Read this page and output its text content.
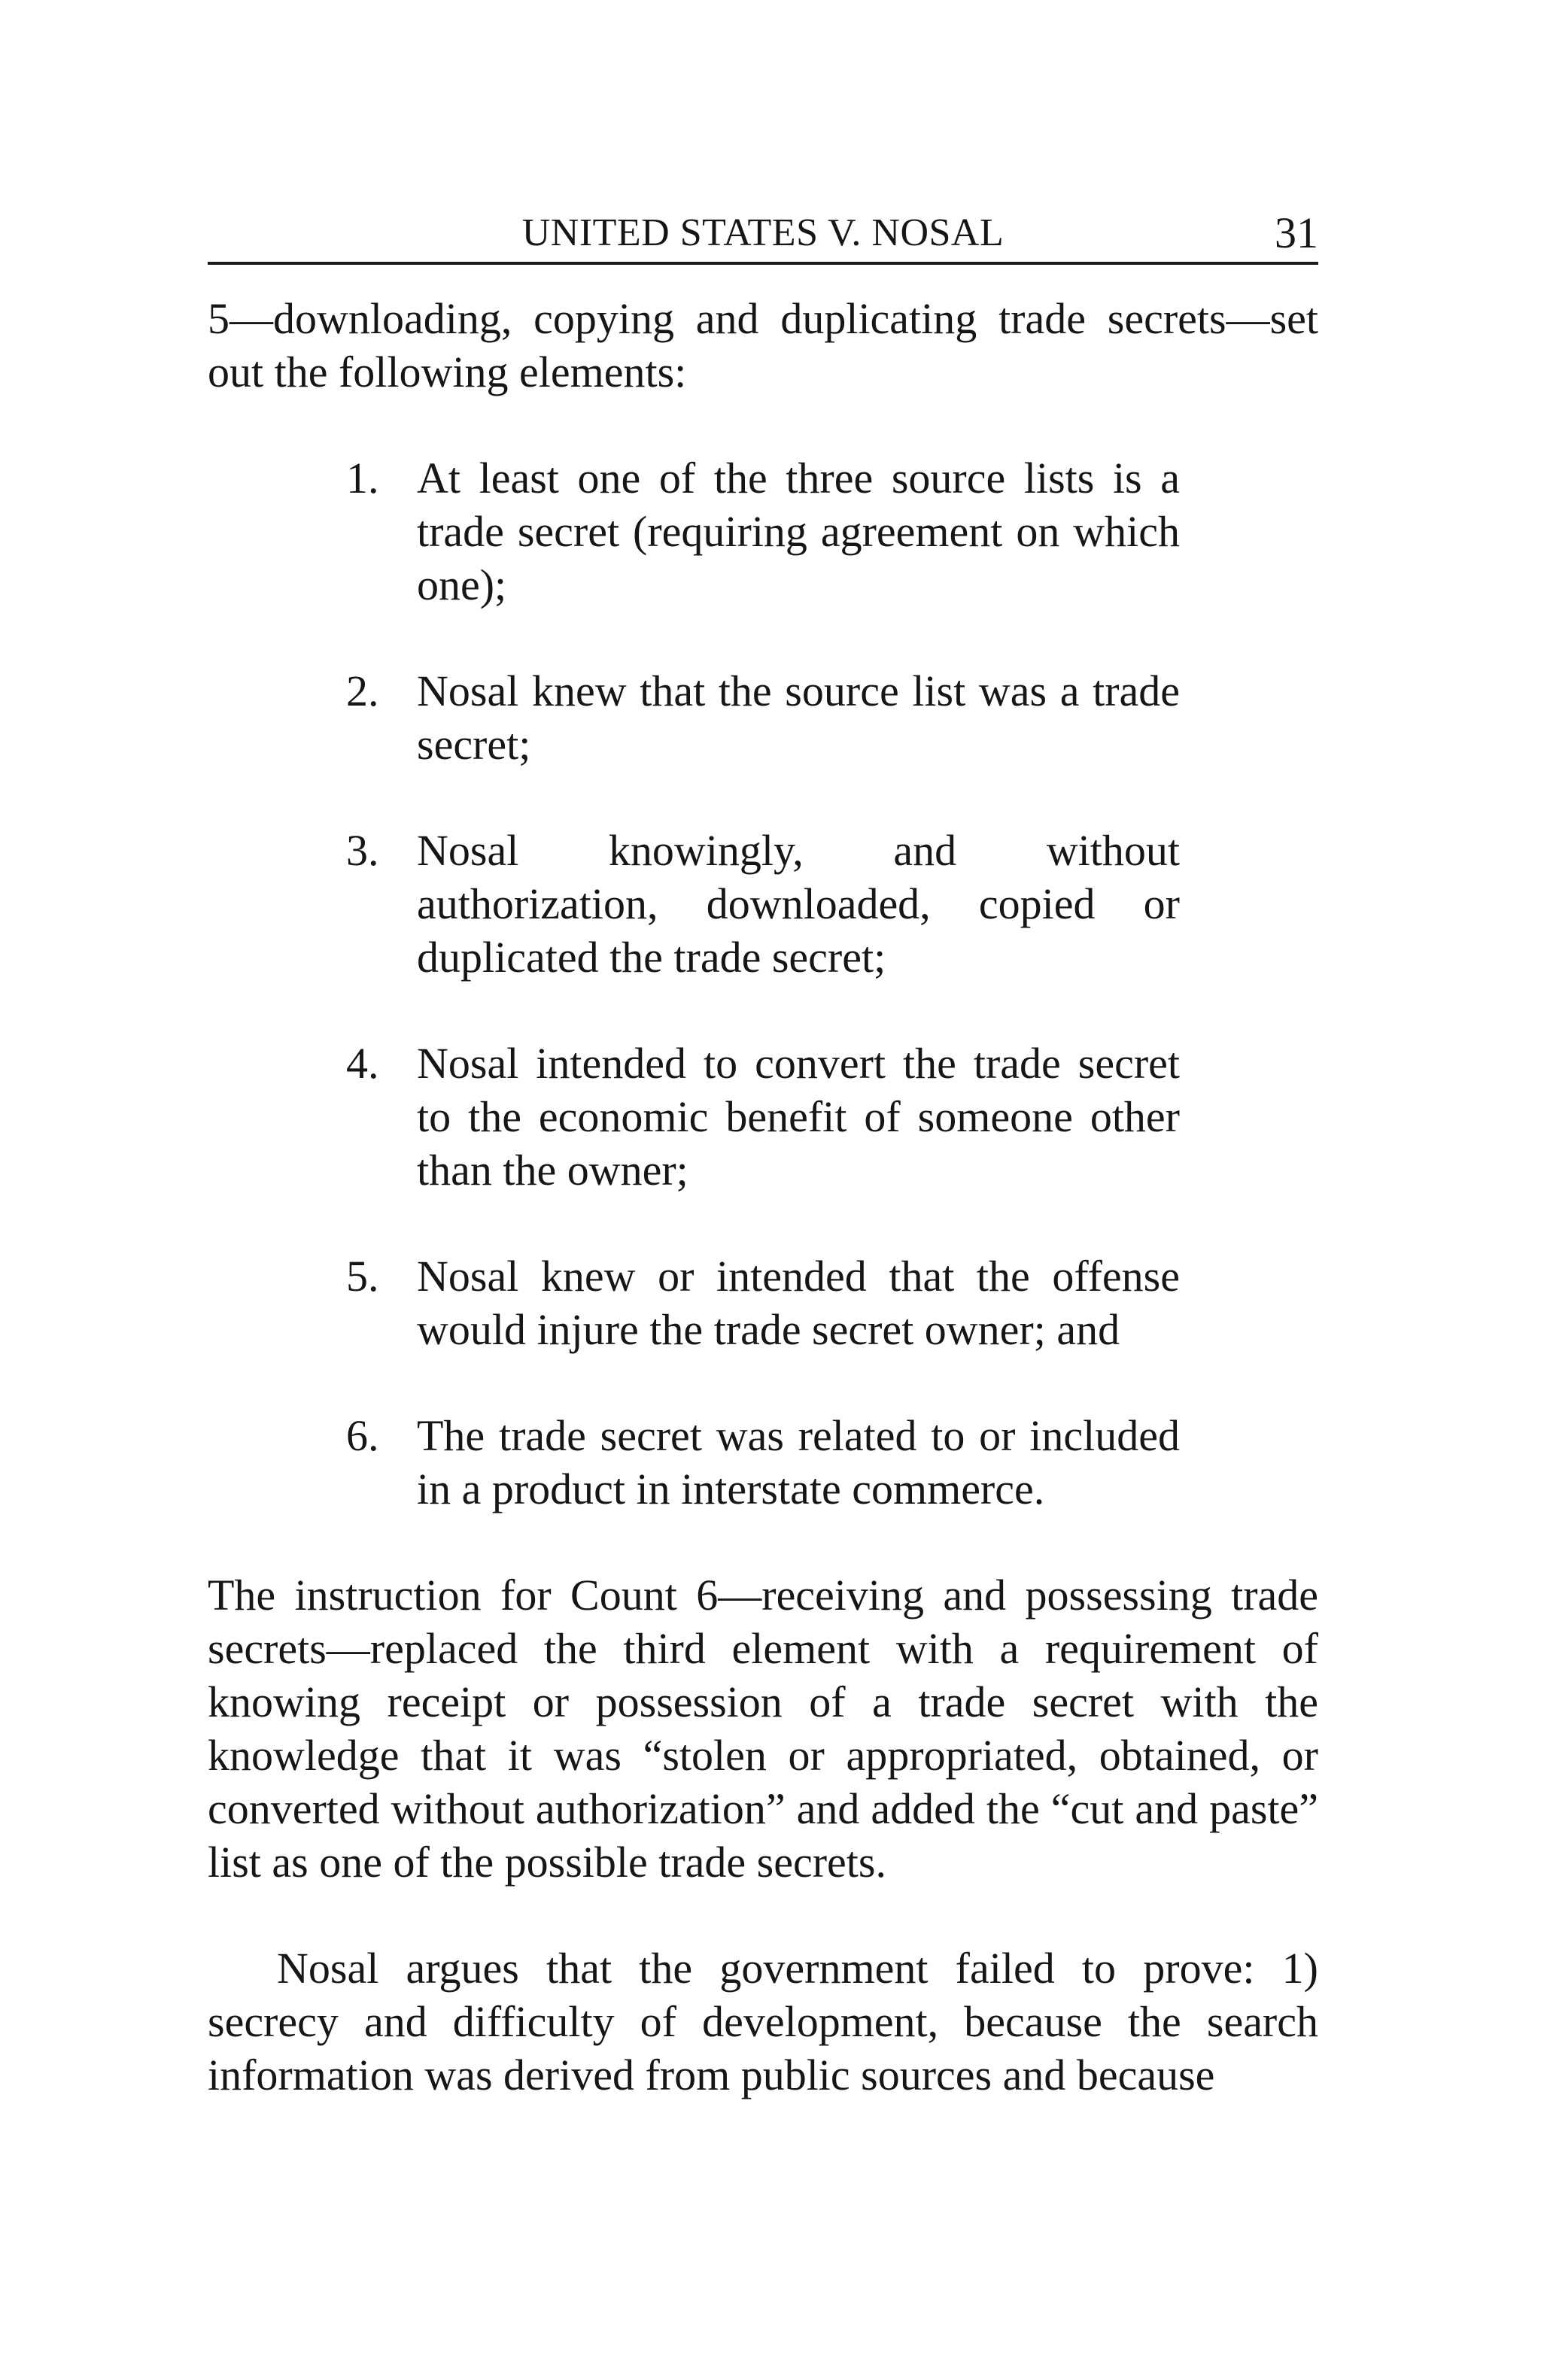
UNITED STATES V. NOSAL	31

5—downloading, copying and duplicating trade secrets—set out the following elements:

1. At least one of the three source lists is a trade secret (requiring agreement on which one);
2. Nosal knew that the source list was a trade secret;
3. Nosal knowingly, and without authorization, downloaded, copied or duplicated the trade secret;
4. Nosal intended to convert the trade secret to the economic benefit of someone other than the owner;
5. Nosal knew or intended that the offense would injure the trade secret owner; and
6. The trade secret was related to or included in a product in interstate commerce.

The instruction for Count 6—receiving and possessing trade secrets—replaced the third element with a requirement of knowing receipt or possession of a trade secret with the knowledge that it was “stolen or appropriated, obtained, or converted without authorization” and added the “cut and paste” list as one of the possible trade secrets.

Nosal argues that the government failed to prove: 1) secrecy and difficulty of development, because the search information was derived from public sources and because
